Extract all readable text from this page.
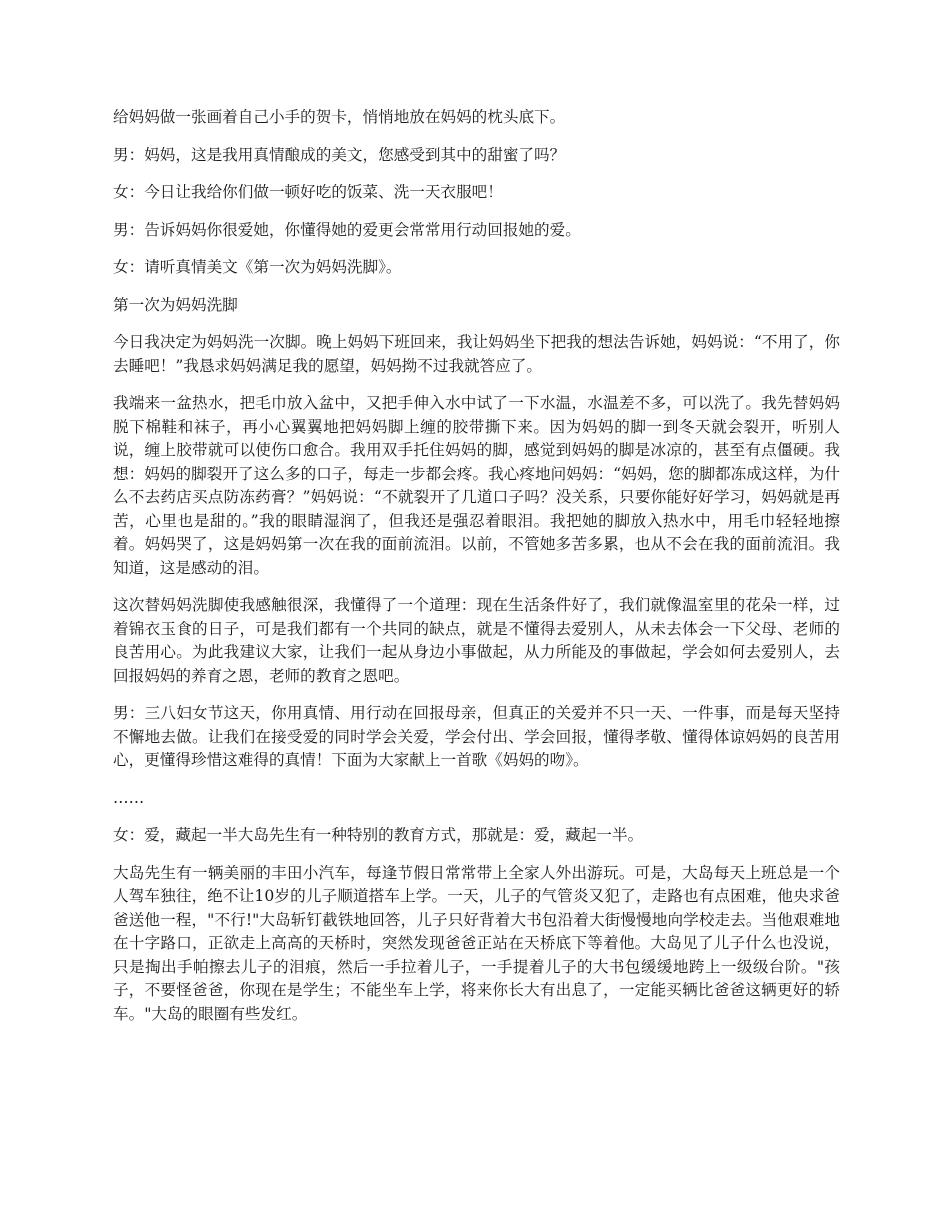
给妈妈做一张画着自己小手的贺卡，悄悄地放在妈妈的枕头底下。

男：妈妈，这是我用真情酿成的美文，您感受到其中的甜蜜了吗？

女：今日让我给你们做一顿好吃的饭菜、洗一天衣服吧！

男：告诉妈妈你很爱她，你懂得她的爱更会常常用行动回报她的爱。

女：请听真情美文《第一次为妈妈洗脚》。

第一次为妈妈洗脚

今日我决定为妈妈洗一次脚。晚上妈妈下班回来，我让妈妈坐下把我的想法告诉她，妈妈说：“不用了，你去睡吧！”我恳求妈妈满足我的愿望，妈妈拗不过我就答应了。

我端来一盆热水，把毛巾放入盆中，又把手伸入水中试了一下水温，水温差不多，可以洗了。我先替妈妈脱下棉鞋和袜子，再小心翼翼地把妈妈脚上缠的胶带撕下来。因为妈妈的脚一到冬天就会裂开，听别人说，缠上胶带就可以使伤口愈合。我用双手托住妈妈的脚，感觉到妈妈的脚是冰凉的，甚至有点僵硬。我想：妈妈的脚裂开了这么多的口子，每走一步都会疼。我心疼地问妈妈：“妈妈，您的脚都冻成这样，为什么不去药店买点防冻药膏？”妈妈说：“不就裂开了几道口子吗？没关系，只要你能好好学习，妈妈就是再苦，心里也是甜的。”我的眼睛湿润了，但我还是强忍着眼泪。我把她的脚放入热水中，用毛巾轻轻地擦着。妈妈哭了，这是妈妈第一次在我的面前流泪。以前，不管她多苦多累，也从不会在我的面前流泪。我知道，这是感动的泪。

这次替妈妈洗脚使我感触很深，我懂得了一个道理：现在生活条件好了，我们就像温室里的花朵一样，过着锦衣玉食的日子，可是我们都有一个共同的缺点，就是不懂得去爱别人，从未去体会一下父母、老师的良苦用心。为此我建议大家，让我们一起从身边小事做起，从力所能及的事做起，学会如何去爱别人，去回报妈妈的养育之恩，老师的教育之恩吧。

男：三八妇女节这天，你用真情、用行动在回报母亲，但真正的关爱并不只一天、一件事，而是每天坚持不懈地去做。让我们在接受爱的同时学会关爱，学会付出、学会回报，懂得孝敬、懂得体谅妈妈的良苦用心，更懂得珍惜这难得的真情！下面为大家献上一首歌《妈妈的吻》。

……

女：爱，藏起一半大岛先生有一种特别的教育方式，那就是：爱，藏起一半。

大岛先生有一辆美丽的丰田小汽车，每逢节假日常常带上全家人外出游玩。可是，大岛每天上班总是一个人驾车独往，绝不让10岁的儿子顺道搭车上学。一天，儿子的气管炎又犯了，走路也有点困难，他央求爸爸送他一程，"不行!"大岛斩钉截铁地回答，儿子只好背着大书包沿着大街慢慢地向学校走去。当他艰难地在十字路口，正欲走上高高的天桥时，突然发现爸爸正站在天桥底下等着他。大岛见了儿子什么也没说，只是掏出手帕擦去儿子的泪痕，然后一手拉着儿子，一手提着儿子的大书包缓缓地跨上一级级台阶。"孩子，不要怪爸爸，你现在是学生；不能坐车上学，将来你长大有出息了，一定能买辆比爸爸这辆更好的轿车。"大岛的眼圈有些发红。
